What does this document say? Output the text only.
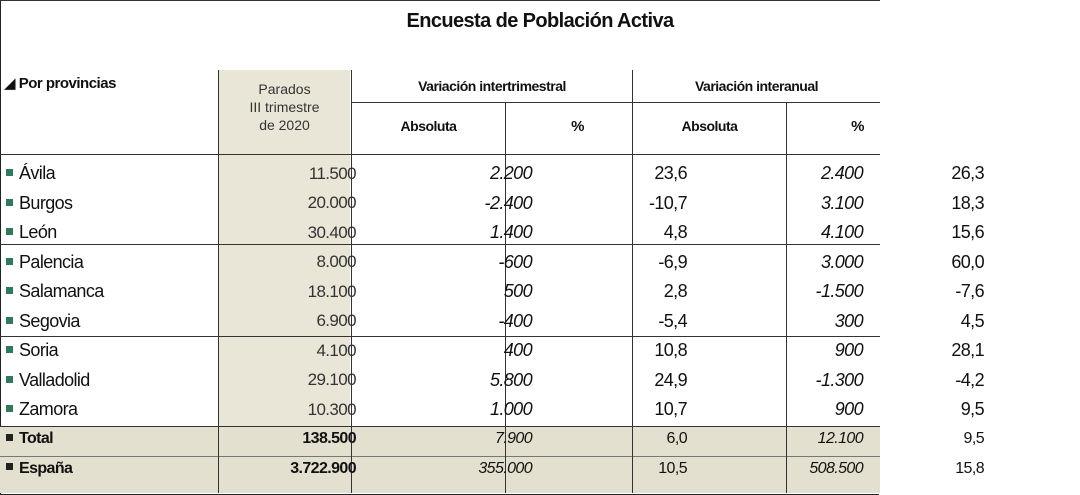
Encuesta de Población Activa
◢ Por provincias	Parados
III trimestre
de 2020
Variación intertrimestral	Variación interanual
Absoluta	%	Absoluta	%
Ávila	11.500	2.200	23,6	2.400	26,3
Burgos	20.000	-2.400	-10,7	3.100	18,3
León	30.400	1.400	4,8	4.100	15,6
Palencia	8.000	-600	-6,9	3.000	60,0
Salamanca	18.100	500	2,8	-1.500	-7,6
Segovia	6.900	-400	-5,4	300	4,5
Soria	4.100	400	10,8	900	28,1
Valladolid	29.100	5.800	24,9	-1.300	-4,2
Zamora	10.300	1.000	10,7	900	9,5
Total	138.500	7.900	6,0	12.100	9,5
España	3.722.900	355.000	10,5	508.500	15,8
